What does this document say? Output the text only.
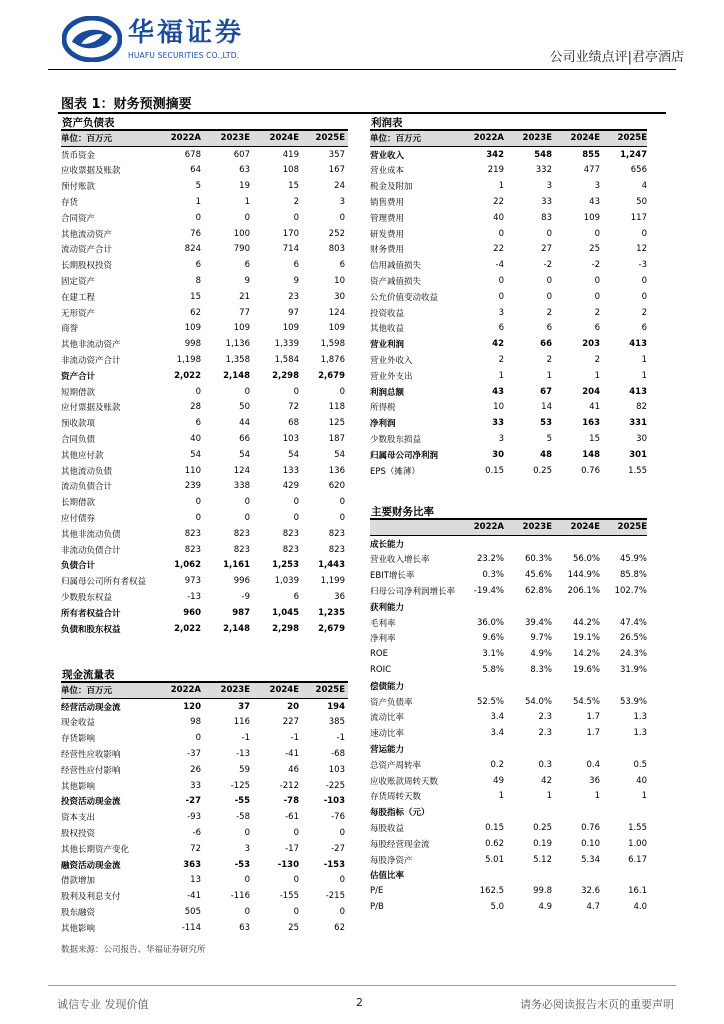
华福证券
HUAFU SECURITIES CO.,LTD.	公司业绩点评|君亭酒店
图表 1：财务预测摘要
资产负债表
单位：百万元	2022A	2023E	2024E	2025E
货币资金	678	607	419	357
应收票据及账款	64	63	108	167
预付账款	5	19	15	24
存货	1	1	2	3
合同资产	0	0	0	0
其他流动资产	76	100	170	252
流动资产合计	824	790	714	803
长期股权投资	6	6	6	6
固定资产	8	9	9	10
在建工程	15	21	23	30
无形资产	62	77	97	124
商誉	109	109	109	109
其他非流动资产	998	1,136	1,339	1,598
非流动资产合计	1,198	1,358	1,584	1,876
资产合计	2,022	2,148	2,298	2,679
短期借款	0	0	0	0
应付票据及账款	28	50	72	118
预收款项	6	44	68	125
合同负债	40	66	103	187
其他应付款	54	54	54	54
其他流动负债	110	124	133	136
流动负债合计	239	338	429	620
长期借款	0	0	0	0
应付债券	0	0	0	0
其他非流动负债	823	823	823	823
非流动负债合计	823	823	823	823
负债合计	1,062	1,161	1,253	1,443
归属母公司所有者权益	973	996	1,039	1,199
少数股东权益	-13	-9	6	36
所有者权益合计	960	987	1,045	1,235
负债和股东权益	2,022	2,148	2,298	2,679
现金流量表
单位：百万元	2022A	2023E	2024E	2025E
经营活动现金流	120	37	20	194
现金收益	98	116	227	385
存货影响	0	-1	-1	-1
经营性应收影响	-37	-13	-41	-68
经营性应付影响	26	59	46	103
其他影响	33	-125	-212	-225
投资活动现金流	-27	-55	-78	-103
资本支出	-93	-58	-61	-76
股权投资	-6	0	0	0
其他长期资产变化	72	3	-17	-27
融资活动现金流	363	-53	-130	-153
借款增加	13	0	0	0
股利及利息支付	-41	-116	-155	-215
股东融资	505	0	0	0
其他影响	-114	63	25	62
利润表
单位：百万元	2022A	2023E	2024E	2025E
营业收入	342	548	855	1,247
营业成本	219	332	477	656
税金及附加	1	3	3	4
销售费用	22	33	43	50
管理费用	40	83	109	117
研发费用	0	0	0	0
财务费用	22	27	25	12
信用减值损失	-4	-2	-2	-3
资产减值损失	0	0	0	0
公允价值变动收益	0	0	0	0
投资收益	3	2	2	2
其他收益	6	6	6	6
营业利润	42	66	203	413
营业外收入	2	2	2	1
营业外支出	1	1	1	1
利润总额	43	67	204	413
所得税	10	14	41	82
净利润	33	53	163	331
少数股东损益	3	5	15	30
归属母公司净利润	30	48	148	301
EPS（摊薄）	0.15	0.25	0.76	1.55
主要财务比率
2022A	2023E	2024E	2025E
成长能力
营业收入增长率	23.2%	60.3%	56.0%	45.9%
EBIT增长率	0.3%	45.6%	144.9%	85.8%
归母公司净利润增长率	-19.4%	62.8%	206.1%	102.7%
获利能力
毛利率	36.0%	39.4%	44.2%	47.4%
净利率	9.6%	9.7%	19.1%	26.5%
ROE	3.1%	4.9%	14.2%	24.3%
ROIC	5.8%	8.3%	19.6%	31.9%
偿债能力
资产负债率	52.5%	54.0%	54.5%	53.9%
流动比率	3.4	2.3	1.7	1.3
速动比率	3.4	2.3	1.7	1.3
营运能力
总资产周转率	0.2	0.3	0.4	0.5
应收账款周转天数	49	42	36	40
存货周转天数	1	1	1	1
每股指标（元）
每股收益	0.15	0.25	0.76	1.55
每股经营现金流	0.62	0.19	0.10	1.00
每股净资产	5.01	5.12	5.34	6.17
估值比率
P/E	162.5	99.8	32.6	16.1
P/B	5.0	4.9	4.7	4.0
数据来源：公司报告、华福证券研究所
诚信专业 发现价值	2	请务必阅读报告末页的重要声明
